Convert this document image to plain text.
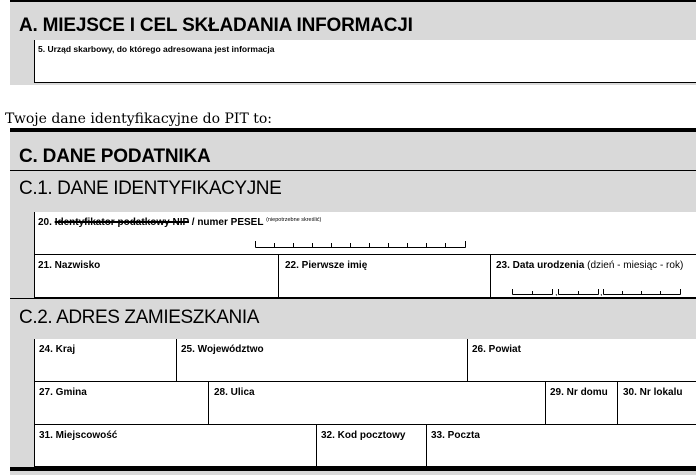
A. MIEJSCE I CEL SKŁADANIA INFORMACJI
5. Urząd skarbowy, do którego adresowana jest informacja
Twoje dane identyfikacyjne do PIT to:
C. DANE PODATNIKA
C.1. DANE IDENTYFIKACYJNE
20. Identyfikator podatkowy NIP / numer PESEL $^{(niepotrzebne skreślić)}$
21. Nazwisko	22. Pierwsze imię	23. Data urodzenia (dzień - miesiąc - rok)
,	,
C.2. ADRES ZAMIESZKANIA
24. Kraj	25. Województwo	26. Powiat
27. Gmina	28. Ulica	29. Nr domu 30. Nr lokalu
31. Miejscowość	32. Kod pocztowy	33. Poczta
